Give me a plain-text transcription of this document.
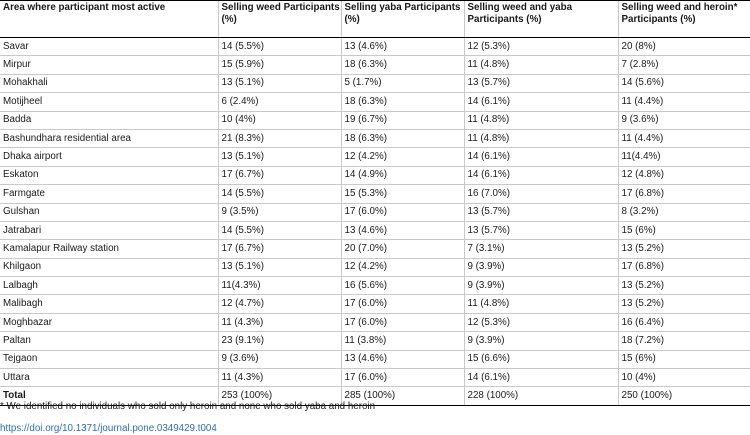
Area where participant most active	Selling weed Participants (%)	Selling yaba Participants (%)	Selling weed and yaba Participants (%)	Selling weed and heroin* Participants (%)
Savar	14 (5.5%)	13 (4.6%)	12 (5.3%)	20 (8%)
Mirpur	15 (5.9%)	18 (6.3%)	11 (4.8%)	7 (2.8%)
Mohakhali	13 (5.1%)	5 (1.7%)	13 (5.7%)	14 (5.6%)
Motijheel	6 (2.4%)	18 (6.3%)	14 (6.1%)	11 (4.4%)
Badda	10 (4%)	19 (6.7%)	11 (4.8%)	9 (3.6%)
Bashundhara residential area	21 (8.3%)	18 (6.3%)	11 (4.8%)	11 (4.4%)
Dhaka airport	13 (5.1%)	12 (4.2%)	14 (6.1%)	11(4.4%)
Eskaton	17 (6.7%)	14 (4.9%)	14 (6.1%)	12 (4.8%)
Farmgate	14 (5.5%)	15 (5.3%)	16 (7.0%)	17 (6.8%)
Gulshan	9 (3.5%)	17 (6.0%)	13 (5.7%)	8 (3.2%)
Jatrabari	14 (5.5%)	13 (4.6%)	13 (5.7%)	15 (6%)
Kamalapur Railway station	17 (6.7%)	20 (7.0%)	7 (3.1%)	13 (5.2%)
Khilgaon	13 (5.1%)	12 (4.2%)	9 (3.9%)	17 (6.8%)
Lalbagh	11(4.3%)	16 (5.6%)	9 (3.9%)	13 (5.2%)
Malibagh	12 (4.7%)	17 (6.0%)	11 (4.8%)	13 (5.2%)
Moghbazar	11 (4.3%)	17 (6.0%)	12 (5.3%)	16 (6.4%)
Paltan	23 (9.1%)	11 (3.8%)	9 (3.9%)	18 (7.2%)
Tejgaon	9 (3.6%)	13 (4.6%)	15 (6.6%)	15 (6%)
Uttara	11 (4.3%)	17 (6.0%)	14 (6.1%)	10 (4%)
Total	253 (100%)	285 (100%)	228 (100%)	250 (100%)
* We identified no individuals who sold only heroin and none who sold yaba and heroin
https://doi.org/10.1371/journal.pone.0349429.t004
